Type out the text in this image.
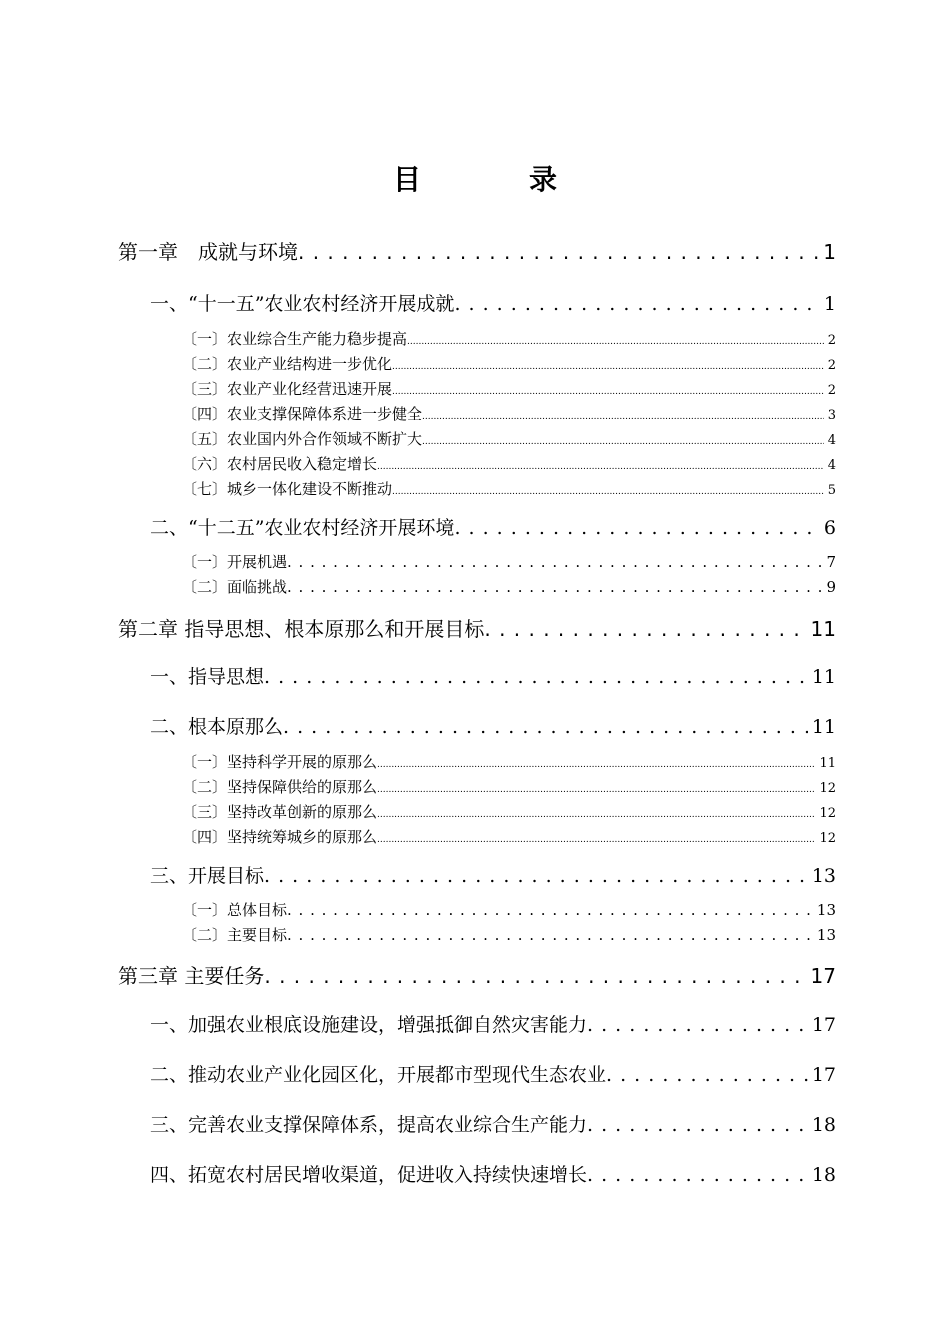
目　录
第一章　成就与环境 . . .	1
一、“十一五”农业农村经济开展成就 . . .	1
〔一〕农业综合生产能力稳步提高 .....	2
〔二〕农业产业结构进一步优化 .....	2
〔三〕农业产业化经营迅速开展 .....	2
〔四〕农业支撑保障体系进一步健全 .....	3
〔五〕农业国内外合作领域不断扩大 .....	4
〔六〕农村居民收入稳定增长 .....	4
〔七〕城乡一体化建设不断推动 .....	5
二、“十二五”农业农村经济开展环境 . . .	6
〔一〕开展机遇 . . .	7
〔二〕面临挑战 . . .	9
第二章 指导思想、根本原那么和开展目标 . . .	11
一、指导思想 . . .	11
二、根本原那么 . . .	11
〔一〕坚持科学开展的原那么 .....	11
〔二〕坚持保障供给的原那么 .....	12
〔三〕坚持改革创新的原那么 .....	12
〔四〕坚持统筹城乡的原那么 .....	12
三、开展目标 . . .	13
〔一〕总体目标 . . .	13
〔二〕主要目标 . . .	13
第三章 主要任务 . . .	17
一、加强农业根底设施建设，增强抵御自然灾害能力 . . .	17
二、推动农业产业化园区化，开展都市型现代生态农业 . . .	17
三、完善农业支撑保障体系，提高农业综合生产能力 . . .	18
四、拓宽农村居民增收渠道，促进收入持续快速增长 . . .	18
